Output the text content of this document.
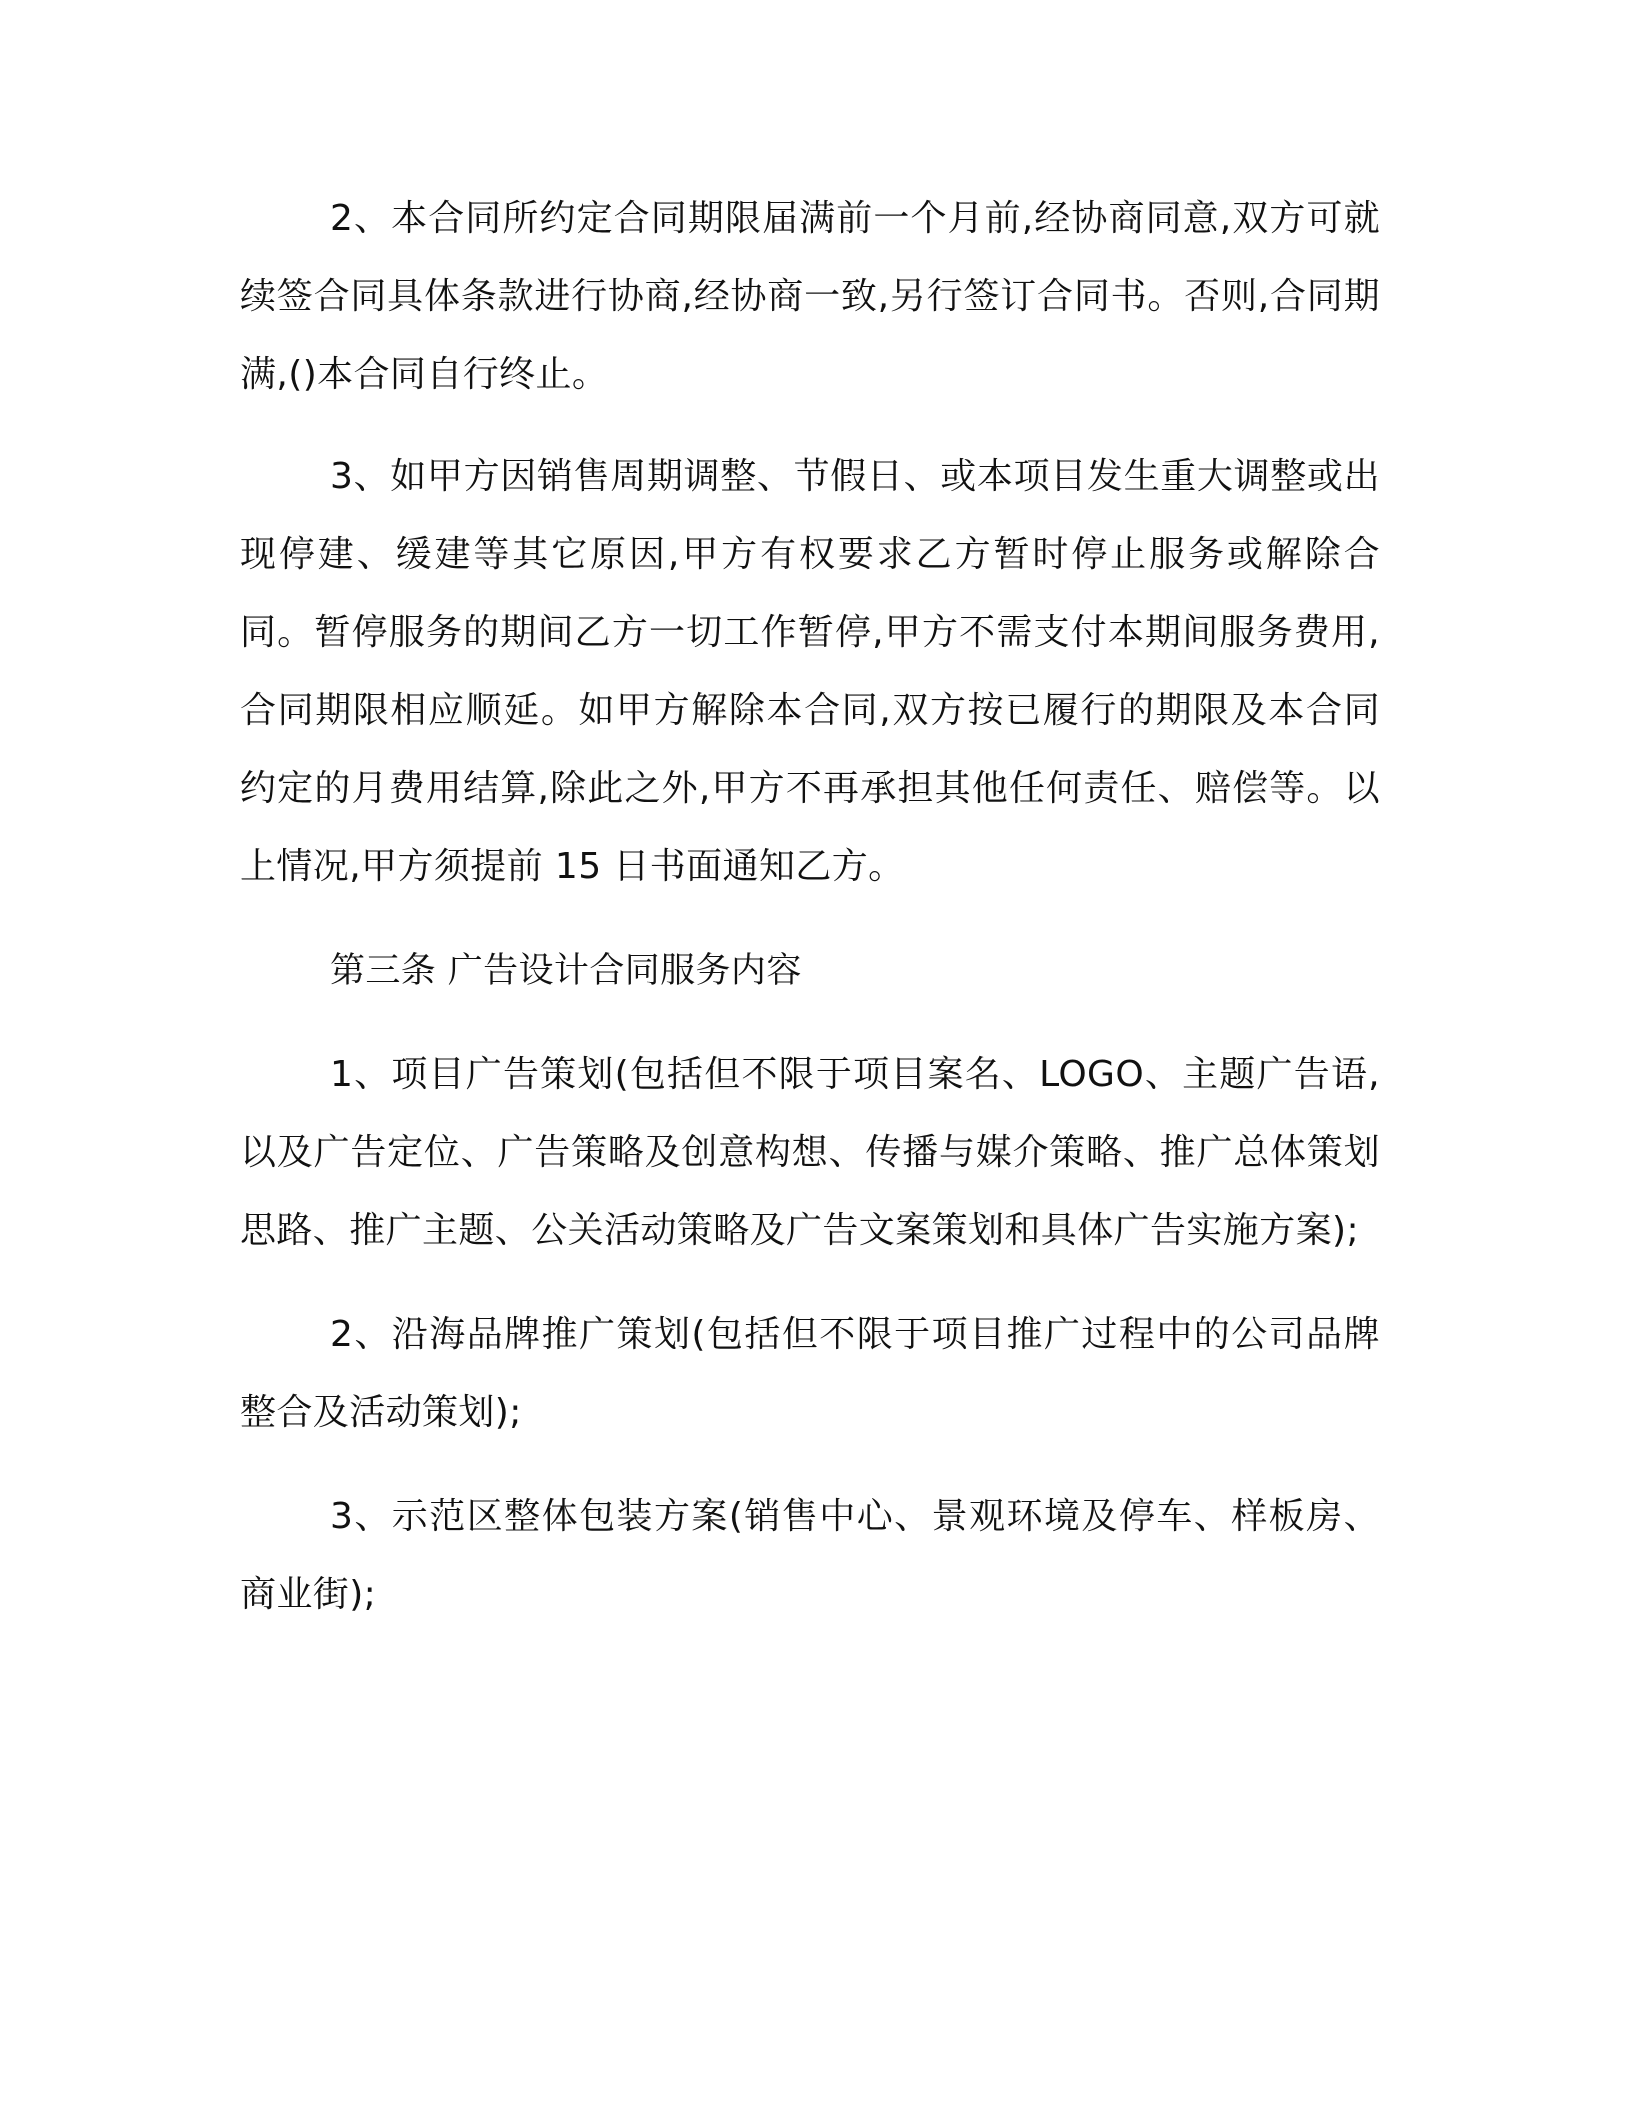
2、本合同所约定合同期限届满前一个月前,经协商同意,双方可就续签合同具体条款进行协商,经协商一致,另行签订合同书。否则,合同期满,()本合同自行终止。

3、如甲方因销售周期调整、节假日、或本项目发生重大调整或出现停建、缓建等其它原因,甲方有权要求乙方暂时停止服务或解除合同。暂停服务的期间乙方一切工作暂停,甲方不需支付本期间服务费用,合同期限相应顺延。如甲方解除本合同,双方按已履行的期限及本合同约定的月费用结算,除此之外,甲方不再承担其他任何责任、赔偿等。以上情况,甲方须提前 15 日书面通知乙方。

第三条 广告设计合同服务内容

1、项目广告策划(包括但不限于项目案名、LOGO、主题广告语,以及广告定位、广告策略及创意构想、传播与媒介策略、推广总体策划思路、推广主题、公关活动策略及广告文案策划和具体广告实施方案);

2、沿海品牌推广策划(包括但不限于项目推广过程中的公司品牌整合及活动策划);

3、示范区整体包装方案(销售中心、景观环境及停车、样板房、商业街);
